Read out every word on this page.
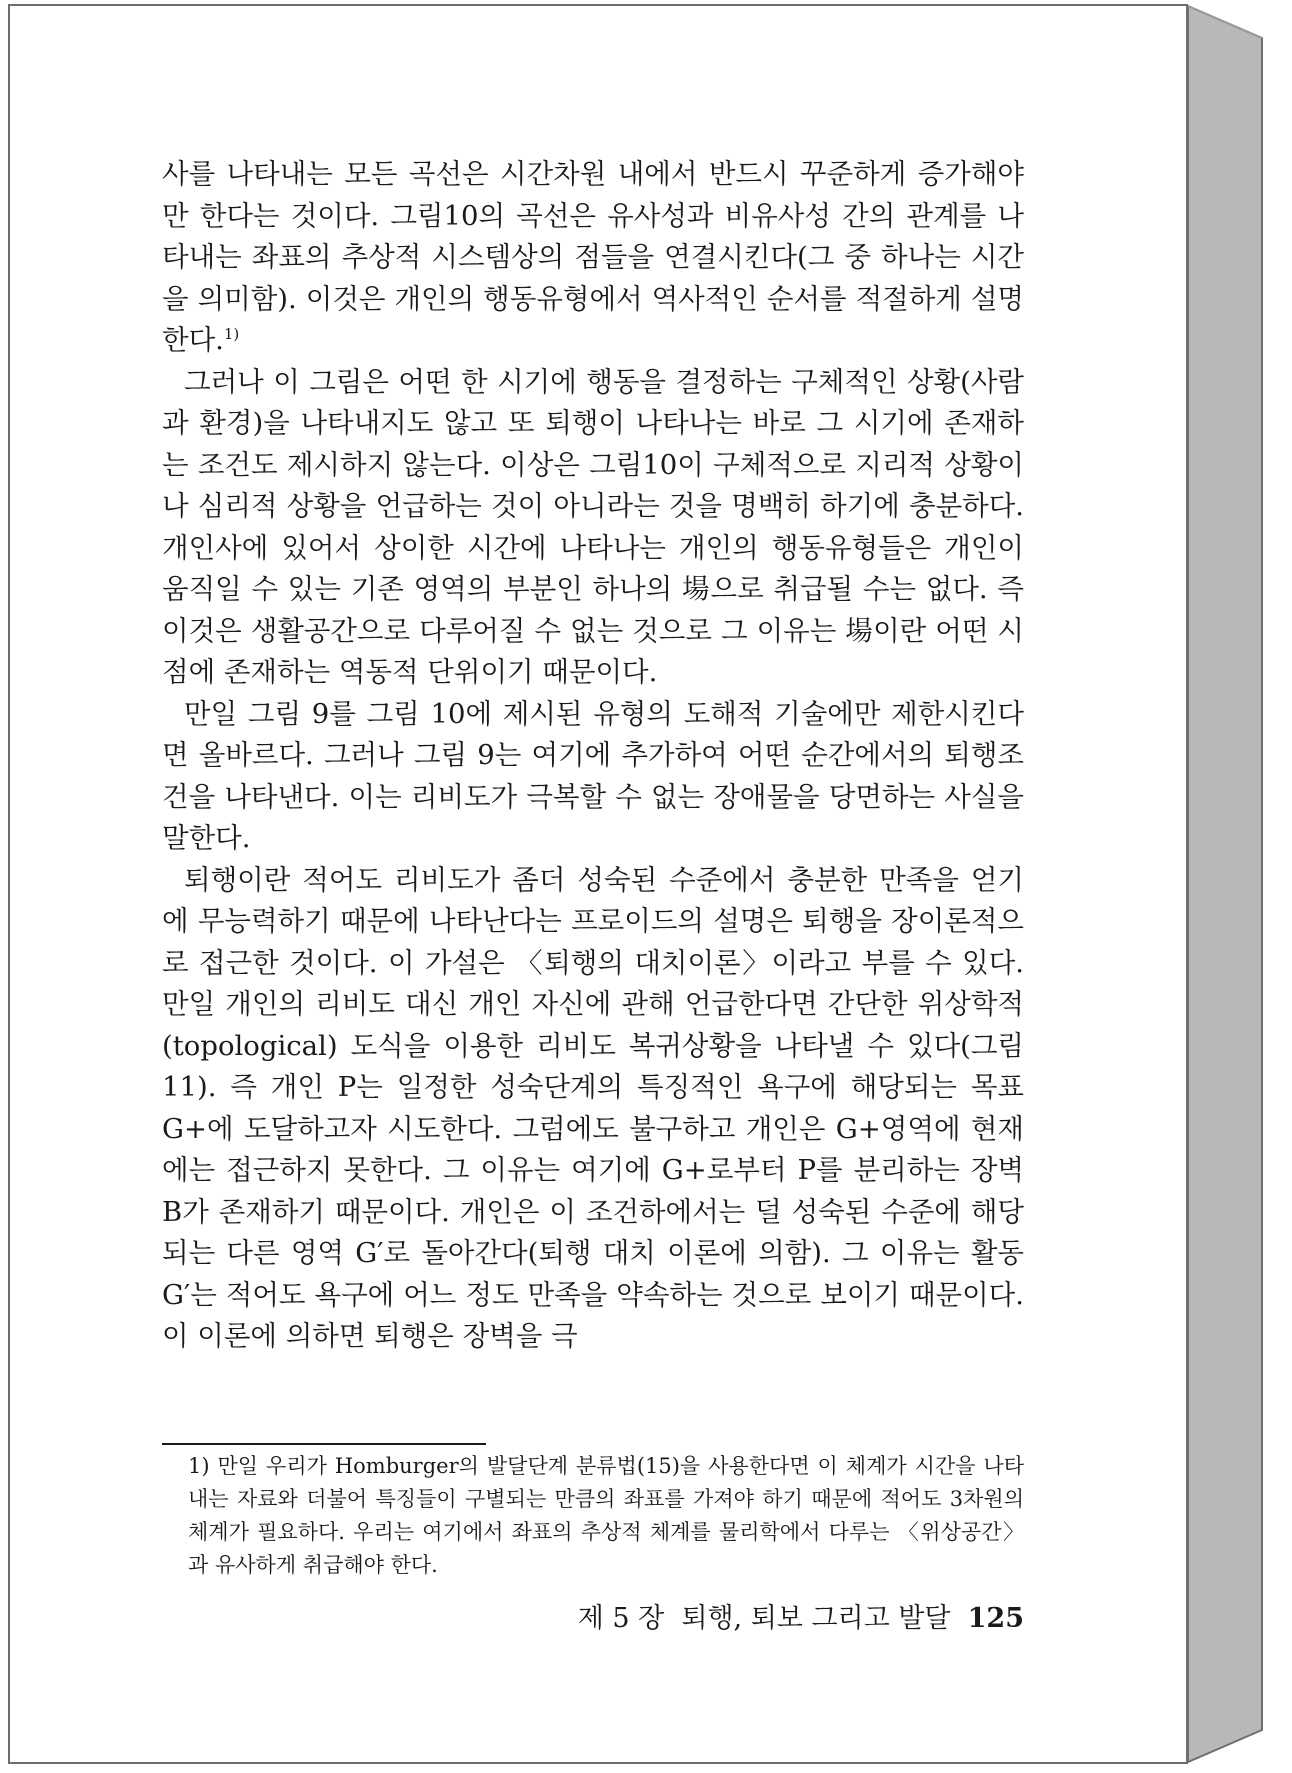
사를 나타내는 모든 곡선은 시간차원 내에서 반드시 꾸준하게 증가해야만 한다는 것이다. 그림10의 곡선은 유사성과 비유사성 간의 관계를 나타내는 좌표의 추상적 시스템상의 점들을 연결시킨다(그 중 하나는 시간을 의미함). 이것은 개인의 행동유형에서 역사적인 순서를 적절하게 설명한다.$^{1)}$

그러나 이 그림은 어떤 한 시기에 행동을 결정하는 구체적인 상황(사람과 환경)을 나타내지도 않고 또 퇴행이 나타나는 바로 그 시기에 존재하는 조건도 제시하지 않는다. 이상은 그림10이 구체적으로 지리적 상황이나 심리적 상황을 언급하는 것이 아니라는 것을 명백히 하기에 충분하다. 개인사에 있어서 상이한 시간에 나타나는 개인의 행동유형들은 개인이 움직일 수 있는 기존 영역의 부분인 하나의 場으로 취급될 수는 없다. 즉 이것은 생활공간으로 다루어질 수 없는 것으로 그 이유는 場이란 어떤 시점에 존재하는 역동적 단위이기 때문이다.

만일 그림 9를 그림 10에 제시된 유형의 도해적 기술에만 제한시킨다면 올바르다. 그러나 그림 9는 여기에 추가하여 어떤 순간에서의 퇴행조건을 나타낸다. 이는 리비도가 극복할 수 없는 장애물을 당면하는 사실을 말한다.

퇴행이란 적어도 리비도가 좀더 성숙된 수준에서 충분한 만족을 얻기에 무능력하기 때문에 나타난다는 프로이드의 설명은 퇴행을 장이론적으로 접근한 것이다. 이 가설은 〈퇴행의 대치이론〉이라고 부를 수 있다. 만일 개인의 리비도 대신 개인 자신에 관해 언급한다면 간단한 위상학적(topological) 도식을 이용한 리비도 복귀상황을 나타낼 수 있다(그림 11). 즉 개인 P는 일정한 성숙단계의 특징적인 욕구에 해당되는 목표 G+에 도달하고자 시도한다. 그럼에도 불구하고 개인은 G+영역에 현재에는 접근하지 못한다. 그 이유는 여기에 G+로부터 P를 분리하는 장벽 B가 존재하기 때문이다. 개인은 이 조건하에서는 덜 성숙된 수준에 해당되는 다른 영역 G′로 돌아간다(퇴행 대치 이론에 의함). 그 이유는 활동 G′는 적어도 욕구에 어느 정도 만족을 약속하는 것으로 보이기 때문이다. 이 이론에 의하면 퇴행은 장벽을 극

1) 만일 우리가 Homburger의 발달단계 분류법(15)을 사용한다면 이 체계가 시간을 나타내는 자료와 더불어 특징들이 구별되는 만큼의 좌표를 가져야 하기 때문에 적어도 3차원의 체계가 필요하다. 우리는 여기에서 좌표의 추상적 체계를 물리학에서 다루는 〈위상공간〉과 유사하게 취급해야 한다.

제 5 장 퇴행, 퇴보 그리고 발달 125
